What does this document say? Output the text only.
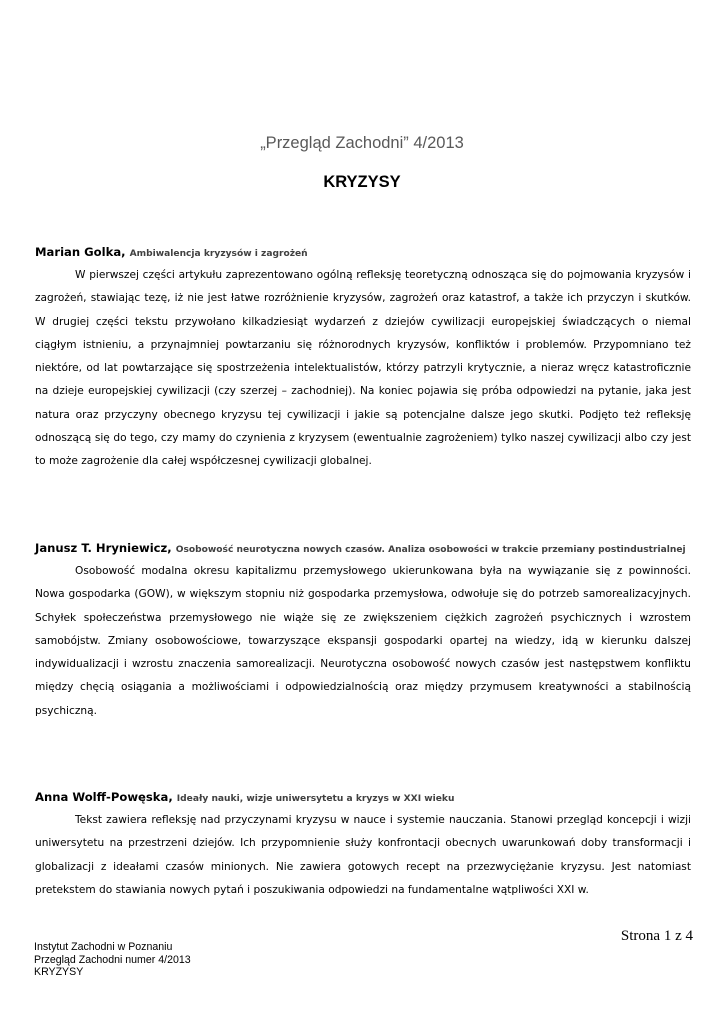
„Przegląd Zachodni” 4/2013
KRYZYSY

Marian Golka, Ambiwalencja kryzysów i zagrożeń

W pierwszej części artykułu zaprezentowano ogólną refleksję teoretyczną odnosząca się do pojmowania kryzysów i zagrożeń, stawiając tezę, iż nie jest łatwe rozróżnienie kryzysów, zagrożeń oraz katastrof, a także ich przyczyn i skutków. W drugiej części tekstu przywołano kilkadziesiąt wydarzeń z dziejów cywilizacji europejskiej świadczących o niemal ciągłym istnieniu, a przynajmniej powtarzaniu się różnorodnych kryzysów, konfliktów i problemów. Przypomniano też niektóre, od lat powtarzające się spostrzeżenia intelektualistów, którzy patrzyli krytycznie, a nieraz wręcz katastroficznie na dzieje europejskiej cywilizacji (czy szerzej – zachodniej). Na koniec pojawia się próba odpowiedzi na pytanie, jaka jest natura oraz przyczyny obecnego kryzysu tej cywilizacji i jakie są potencjalne dalsze jego skutki. Podjęto też refleksję odnoszącą się do tego, czy mamy do czynienia z kryzysem (ewentualnie zagrożeniem) tylko naszej cywilizacji albo czy jest to może zagrożenie dla całej współczesnej cywilizacji globalnej.

Janusz T. Hryniewicz, Osobowość neurotyczna nowych czasów. Analiza osobowości w trakcie przemiany postindustrialnej

Osobowość modalna okresu kapitalizmu przemysłowego ukierunkowana była na wywiązanie się z powinności. Nowa gospodarka (GOW), w większym stopniu niż gospodarka przemysłowa, odwołuje się do potrzeb samorealizacyjnych. Schyłek społeczeństwa przemysłowego nie wiąże się ze zwiększeniem ciężkich zagrożeń psychicznych i wzrostem samobójstw. Zmiany osobowościowe, towarzyszące ekspansji gospodarki opartej na wiedzy, idą w kierunku dalszej indywidualizacji i wzrostu znaczenia samorealizacji. Neurotyczna osobowość nowych czasów jest następstwem konfliktu między chęcią osiągania a możliwościami i odpowiedzialnością oraz między przymusem kreatywności a stabilnością psychiczną.

Anna Wolff-Powęska, Ideały nauki, wizje uniwersytetu a kryzys w XXI wieku

Tekst zawiera refleksję nad przyczynami kryzysu w nauce i systemie nauczania. Stanowi przegląd koncepcji i wizji uniwersytetu na przestrzeni dziejów. Ich przypomnienie służy konfrontacji obecnych uwarunkowań doby transformacji i globalizacji z ideałami czasów minionych. Nie zawiera gotowych recept na przezwyciężanie kryzysu. Jest natomiast pretekstem do stawiania nowych pytań i poszukiwania odpowiedzi na fundamentalne wątpliwości XXI w.

Strona 1 z 4
Instytut Zachodni w Poznaniu
Przegląd Zachodni numer 4/2013
KRYZYSY
